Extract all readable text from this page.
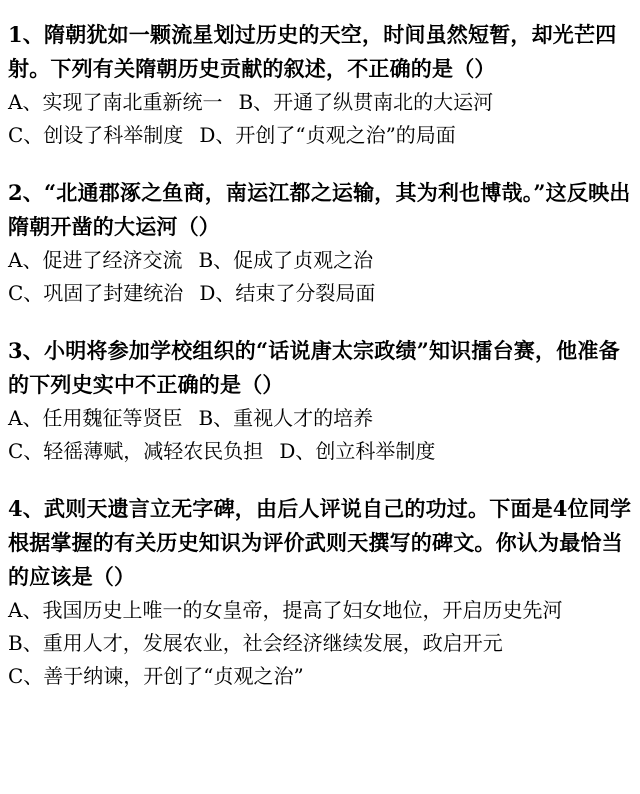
1、隋朝犹如一颗流星划过历史的天空，时间虽然短暂，却光芒四射。下列有关隋朝历史贡献的叙述，不正确的是（）

A、实现了南北重新统一 B、开通了纵贯南北的大运河
C、创设了科举制度 D、开创了“贞观之治”的局面

2、“北通郡涿之鱼商，南运江都之运输，其为利也博哉。”这反映出隋朝开凿的大运河（）

A、促进了经济交流 B、促成了贞观之治
C、巩固了封建统治 D、结束了分裂局面

3、小明将参加学校组织的“话说唐太宗政绩”知识擂台赛，他准备的下列史实中不正确的是（）

A、任用魏征等贤臣 B、重视人才的培养
C、轻徭薄赋，减轻农民负担 D、创立科举制度

4、武则天遗言立无字碑，由后人评说自己的功过。下面是4位同学根据掌握的有关历史知识为评价武则天撰写的碑文。你认为最恰当的应该是（）

A、我国历史上唯一的女皇帝，提高了妇女地位，开启历史先河

B、重用人才，发展农业，社会经济继续发展，政启开元

C、善于纳谏，开创了“贞观之治”
